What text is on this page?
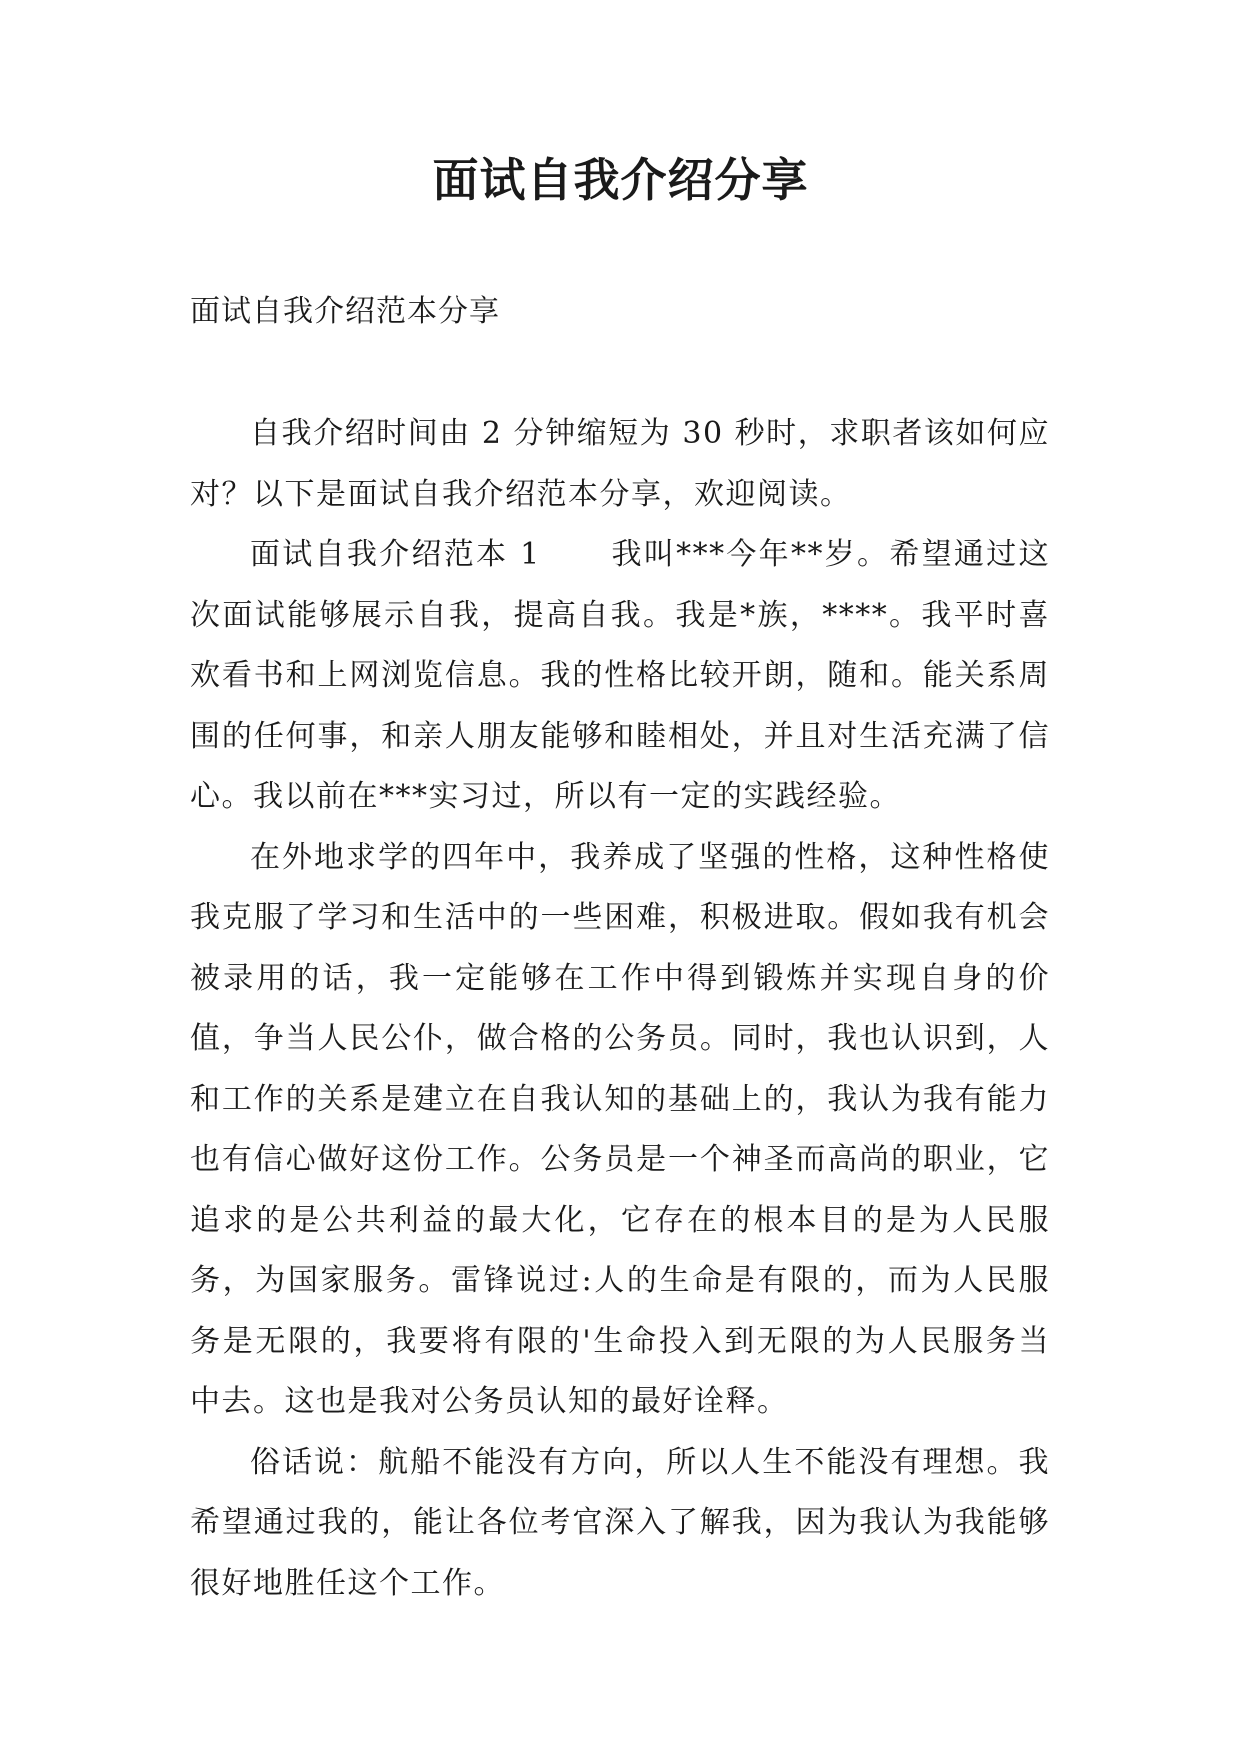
面试自我介绍分享

面试自我介绍范本分享

自我介绍时间由 2 分钟缩短为 30 秒时，求职者该如何应对？以下是面试自我介绍范本分享，欢迎阅读。

面试自我介绍范本 1 我叫***今年**岁。希望通过这次面试能够展示自我，提高自我。我是*族，****。我平时喜欢看书和上网浏览信息。我的性格比较开朗，随和。能关系周围的任何事，和亲人朋友能够和睦相处，并且对生活充满了信心。我以前在***实习过，所以有一定的实践经验。

在外地求学的四年中，我养成了坚强的性格，这种性格使我克服了学习和生活中的一些困难，积极进取。假如我有机会被录用的话，我一定能够在工作中得到锻炼并实现自身的价值，争当人民公仆，做合格的公务员。同时，我也认识到，人和工作的关系是建立在自我认知的基础上的，我认为我有能力也有信心做好这份工作。公务员是一个神圣而高尚的职业，它追求的是公共利益的最大化，它存在的根本目的是为人民服务，为国家服务。雷锋说过:人的生命是有限的，而为人民服务是无限的，我要将有限的'生命投入到无限的为人民服务当中去。这也是我对公务员认知的最好诠释。

俗话说：航船不能没有方向，所以人生不能没有理想。我希望通过我的，能让各位考官深入了解我，因为我认为我能够很好地胜任这个工作。
